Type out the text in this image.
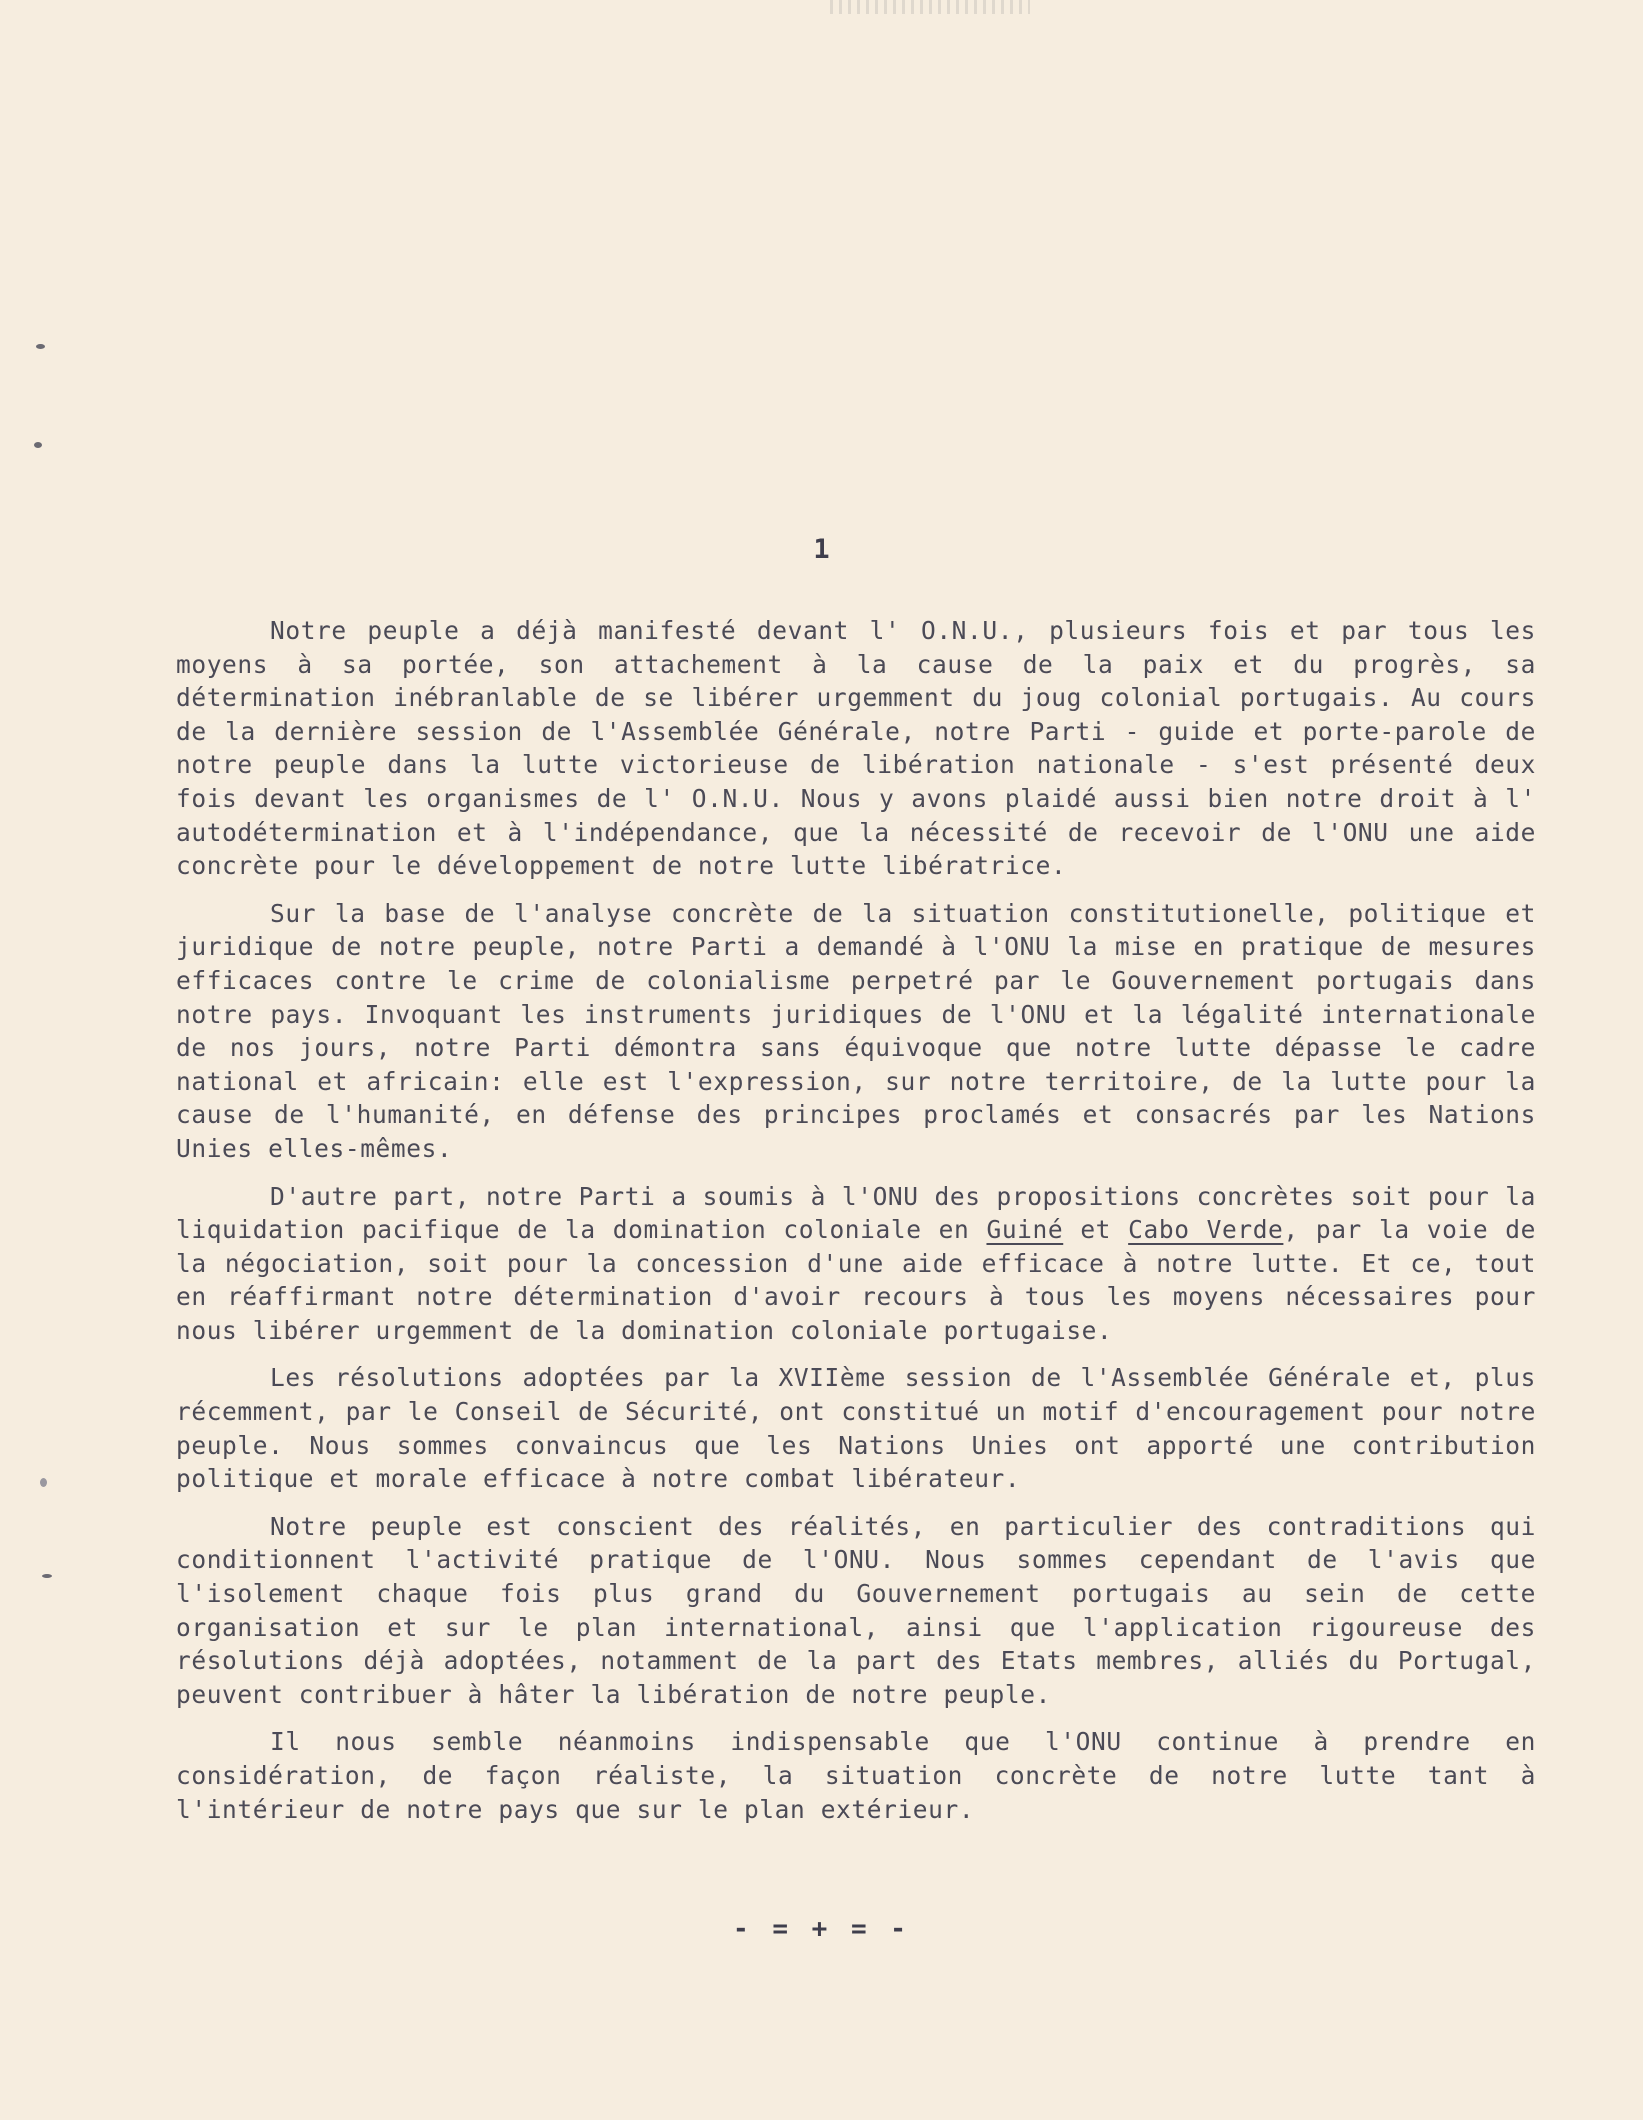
1

Notre peuple a déjà manifesté devant l' O.N.U., plusieurs fois et par tous les moyens à sa portée, son attachement à la cause de la paix et du progrès, sa détermination inébranlable de se libérer urgemment du joug colonial portugais. Au cours de la dernière session de l'Assemblée Générale, notre Parti - guide et porte-parole de notre peuple dans la lutte victorieuse de libération nationale - s'est présenté deux fois devant les organismes de l' O.N.U. Nous y avons plaidé aussi bien notre droit à l' autodétermination et à l'indépendance, que la nécessité de recevoir de l'ONU une aide concrète pour le développement de notre lutte libératrice.

Sur la base de l'analyse concrète de la situation constitutionelle, politique et juridique de notre peuple, notre Parti a demandé à l'ONU la mise en pratique de mesures efficaces contre le crime de colonialisme perpetré par le Gouvernement portugais dans notre pays. Invoquant les instruments juridiques de l'ONU et la légalité internationale de nos jours, notre Parti démontra sans équivoque que notre lutte dépasse le cadre national et africain: elle est l'expression, sur notre territoire, de la lutte pour la cause de l'humanité, en défense des principes proclamés et consacrés par les Nations Unies elles-mêmes.

D'autre part, notre Parti a soumis à l'ONU des propositions concrètes soit pour la liquidation pacifique de la domination coloniale en Guiné et Cabo Verde, par la voie de la négociation, soit pour la concession d'une aide efficace à notre lutte. Et ce, tout en réaffirmant notre détermination d'avoir recours à tous les moyens nécessaires pour nous libérer urgemment de la domination coloniale portugaise.

Les résolutions adoptées par la XVIIème session de l'Assemblée Générale et, plus récemment, par le Conseil de Sécurité, ont constitué un motif d'encouragement pour notre peuple. Nous sommes convaincus que les Nations Unies ont apporté une contribution politique et morale efficace à notre combat libérateur.

Notre peuple est conscient des réalités, en particulier des contraditions qui conditionnent l'activité pratique de l'ONU. Nous sommes cependant de l'avis que l'isolement chaque fois plus grand du Gouvernement portugais au sein de cette organisation et sur le plan international, ainsi que l'application rigoureuse des résolutions déjà adoptées, notamment de la part des Etats membres, alliés du Portugal, peuvent contribuer à hâter la libération de notre peuple.

Il nous semble néanmoins indispensable que l'ONU continue à prendre en considération, de façon réaliste, la situation concrète de notre lutte tant à l'intérieur de notre pays que sur le plan extérieur.

- = + = -
